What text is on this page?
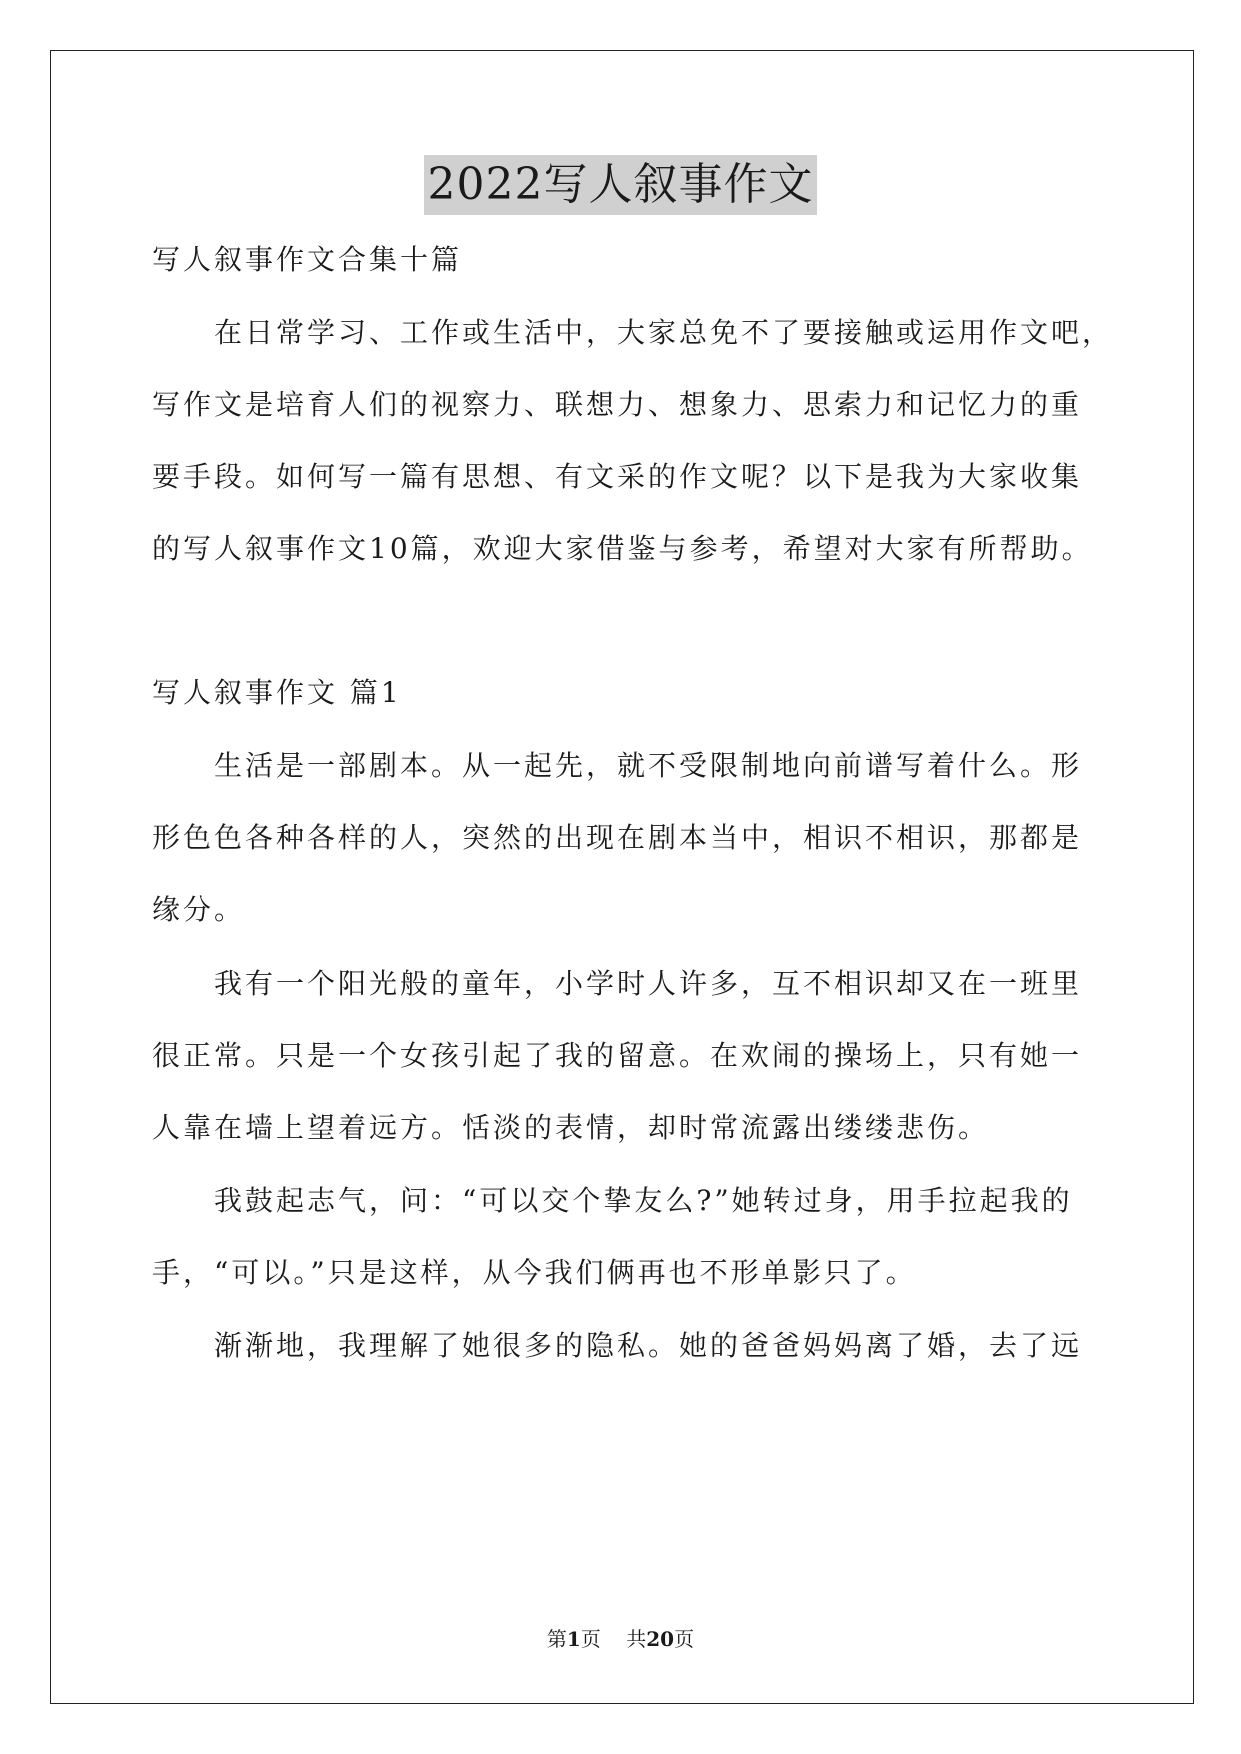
2022写人叙事作文
写人叙事作文合集十篇
在日常学习、工作或生活中，大家总免不了要接触或运用作文吧，
写作文是培育人们的视察力、联想力、想象力、思索力和记忆力的重
要手段。如何写一篇有思想、有文采的作文呢？以下是我为大家收集
的写人叙事作文10篇，欢迎大家借鉴与参考，希望对大家有所帮助。
写人叙事作文 篇1
生活是一部剧本。从一起先，就不受限制地向前谱写着什么。形
形色色各种各样的人，突然的出现在剧本当中，相识不相识，那都是
缘分。
我有一个阳光般的童年，小学时人许多，互不相识却又在一班里
很正常。只是一个女孩引起了我的留意。在欢闹的操场上，只有她一
人靠在墙上望着远方。恬淡的表情，却时常流露出缕缕悲伤。
我鼓起志气，问：“可以交个挚友么?”她转过身，用手拉起我的
手，“可以。”只是这样，从今我们俩再也不形单影只了。
渐渐地，我理解了她很多的隐私。她的爸爸妈妈离了婚，去了远
第1页    共20页
